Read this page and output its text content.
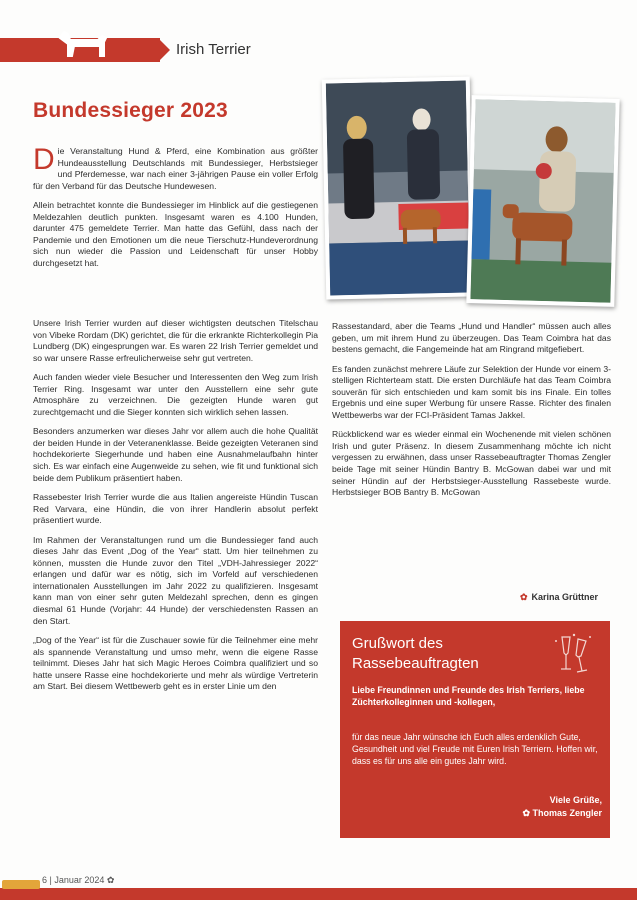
Irish Terrier
Bundessieger 2023

Die Veranstaltung Hund & Pferd, eine Kombination aus größter Hundeausstellung Deutschlands mit Bundessieger, Herbstsieger und Pferdemesse, war nach einer 3-jährigen Pause ein voller Erfolg für den Verband für das Deutsche Hundewesen.

Allein betrachtet konnte die Bundessieger im Hinblick auf die gestiegenen Meldezahlen deutlich punkten. Insgesamt waren es 4.100 Hunden, darunter 475 gemeldete Terrier. Man hatte das Gefühl, dass nach der Pandemie und den Emotionen um die neue Tierschutz-Hundeverordnung sich nun wieder die Passion und Leidenschaft für unser Hobby durchgesetzt hat.

Unsere Irish Terrier wurden auf dieser wichtigsten deutschen Titelschau von Vibeke Rordam (DK) gerichtet, die für die erkrankte Richterkollegin Pia Lundberg (DK) eingesprungen war. Es waren 22 Irish Terrier gemeldet und so war unsere Rasse erfreulicherweise sehr gut vertreten.

Auch fanden wieder viele Besucher und Interessenten den Weg zum Irish Terrier Ring. Insgesamt war unter den Ausstellern eine sehr gute Atmosphäre zu verzeichnen. Die gezeigten Hunde waren gut zurechtgemacht und die Sieger konnten sich wirklich sehen lassen.

Besonders anzumerken war dieses Jahr vor allem auch die hohe Qualität der beiden Hunde in der Veteranenklasse. Beide gezeigten Veteranen sind hochdekorierte Siegerhunde und haben eine Ausnahmelaufbahn hinter sich. Es war einfach eine Augenweide zu sehen, wie fit und funktional sich beide dem Publikum präsentiert haben.

Rassebester Irish Terrier wurde die aus Italien angereiste Hündin Tuscan Red Varvara, eine Hündin, die von ihrer Handlerin absolut perfekt präsentiert wurde.

Im Rahmen der Veranstaltungen rund um die Bundessieger fand auch dieses Jahr das Event „Dog of the Year“ statt. Um hier teilnehmen zu können, mussten die Hunde zuvor den Titel „VDH-Jahressieger 2022“ erlangen und dafür war es nötig, sich im Vorfeld auf verschiedenen internationalen Ausstellungen im Jahr 2022 zu qualifizieren. Insgesamt kann man von einer sehr guten Meldezahl sprechen, denn es gingen diesmal 61 Hunde (Vorjahr: 44 Hunde) der verschiedensten Rassen an den Start.

„Dog of the Year“ ist für die Zuschauer sowie für die Teilnehmer eine mehr als spannende Veranstaltung und umso mehr, wenn die eigene Rasse teilnimmt. Dieses Jahr hat sich Magic Heroes Coimbra qualifiziert und so hatte unsere Rasse eine hochdekorierte und mehr als würdige Vertreterin am Start. Bei diesem Wettbewerb geht es in erster Linie um den

Rassestandard, aber die Teams „Hund und Handler“ müssen auch alles geben, um mit ihrem Hund zu überzeugen. Das Team Coimbra hat das bestens gemacht, die Fangemeinde hat am Ringrand mitgefiebert.

Es fanden zunächst mehrere Läufe zur Selektion der Hunde vor einem 3-stelligen Richterteam statt. Die ersten Durchläufe hat das Team Coimbra souverän für sich entschieden und kam somit bis ins Finale. Ein tolles Ergebnis und eine super Werbung für unsere Rasse. Richter des finalen Wettbewerbs war der FCI-Präsident Tamas Jakkel.

Rückblickend war es wieder einmal ein Wochenende mit vielen schönen Irish und guter Präsenz. In diesem Zusammenhang möchte ich nicht vergessen zu erwähnen, dass unser Rassebeauftragter Thomas Zengler beide Tage mit seiner Hündin Bantry B. McGowan dabei war und mit seiner Hündin auf der Herbstsieger-Ausstellung Rassebeste wurde. Herbstsieger BOB Bantry B. McGowan

✿ Karina Grüttner
Grußwort des
Rassebeauftragten
Liebe Freundinnen und Freunde des Irish Terriers, liebe Züchterkolleginnen und -kollegen,
für das neue Jahr wünsche ich Euch alles erdenklich Gute, Gesundheit und viel Freude mit Euren Irish Terriern. Hoffen wir, dass es für uns alle ein gutes Jahr wird.
Viele Grüße,
✿ Thomas Zengler
6 | Januar 2024 ✿
